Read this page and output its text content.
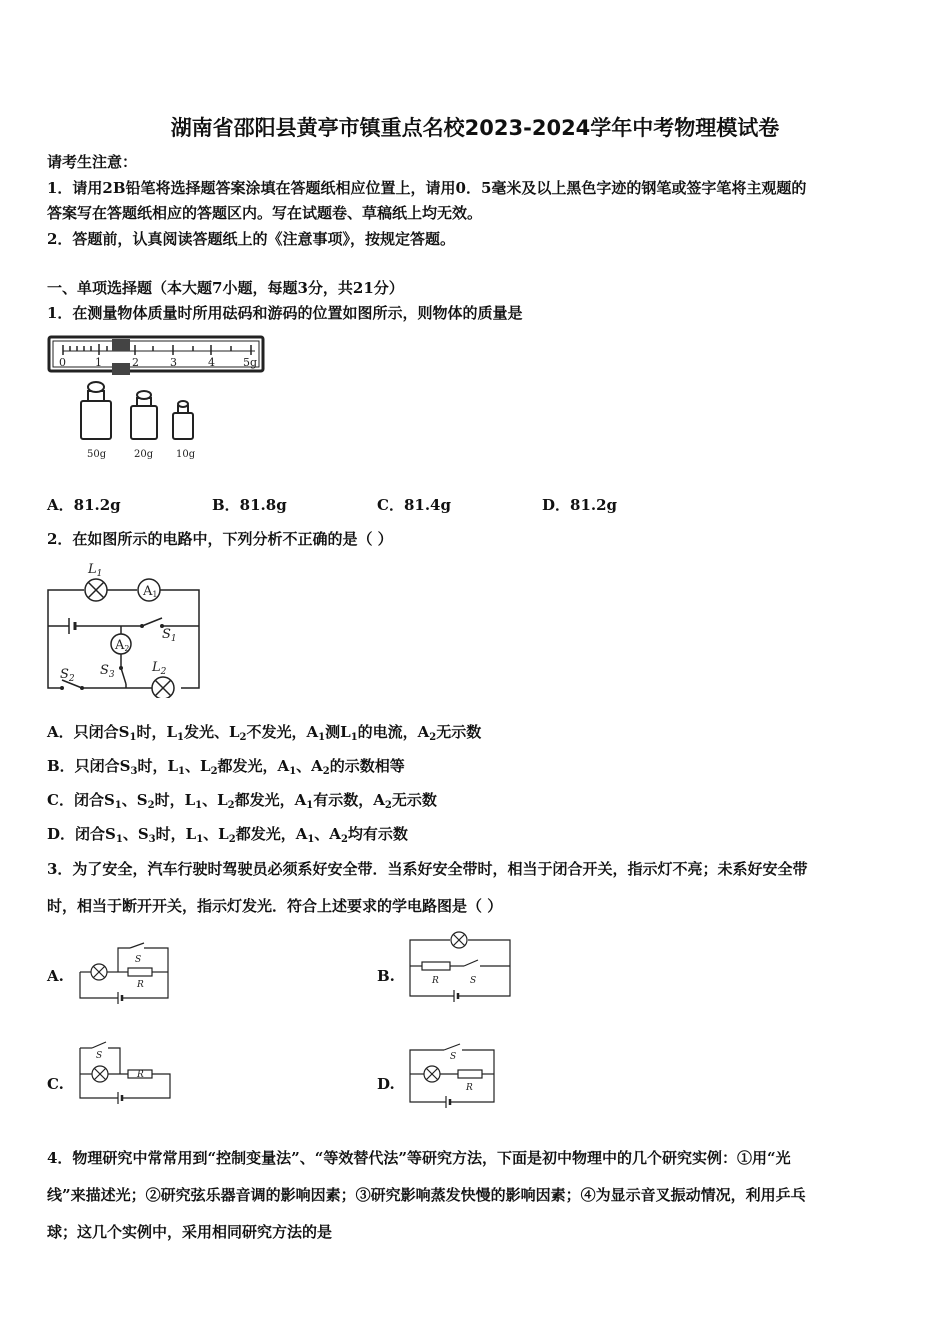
湖南省邵阳县黄亭市镇重点名校2023-2024学年中考物理模试卷
请考生注意：
1．请用2B铅笔将选择题答案涂填在答题纸相应位置上，请用0．5毫米及以上黑色字迹的钢笔或签字笔将主观题的
答案写在答题纸相应的答题区内。写在试题卷、草稿纸上均无效。
2．答题前，认真阅读答题纸上的《注意事项》，按规定答题。
一、单项选择题（本大题7小题，每题3分，共21分）
1．在测量物体质量时所用砝码和游码的位置如图所示，则物体的质量是
0	1	2	3	4	5g
50g	20g 10g
A．81.2g	B．81.8g	C．81.4g	D．81.2g
2．在如图所示的电路中，下列分析不正确的是（ ）
$L_1$
A1
$S_1$
A2
$S_3$	$L_2$
$S_2$
A．只闭合$S_1$时，$L_1$发光、$L_2$不发光，$A_1$测$L_1$的电流，$A_2$无示数
B．只闭合$S_3$时，$L_1$、$L_2$都发光，$A_1$、$A_2$的示数相等
C．闭合$S_1$、$S_2$时，$L_1$、$L_2$都发光，$A_1$有示数，$A_2$无示数
D．闭合$S_1$、$S_3$时，$L_1$、$L_2$都发光，$A_1$、$A_2$均有示数
3．为了安全，汽车行驶时驾驶员必须系好安全带．当系好安全带时，相当于闭合开关，指示灯不亮；未系好安全带
时，相当于断开开关，指示灯发光．符合上述要求的学电路图是（ ）
A.
S
R	B.	R	S
C.
S
R	D.
S
R
4．物理研究中常常用到“控制变量法”、“等效替代法”等研究方法，下面是初中物理中的几个研究实例：①用“光
线”来描述光；②研究弦乐器音调的影响因素；③研究影响蒸发快慢的影响因素；④为显示音叉振动情况，利用乒乓
球；这几个实例中，采用相同研究方法的是
